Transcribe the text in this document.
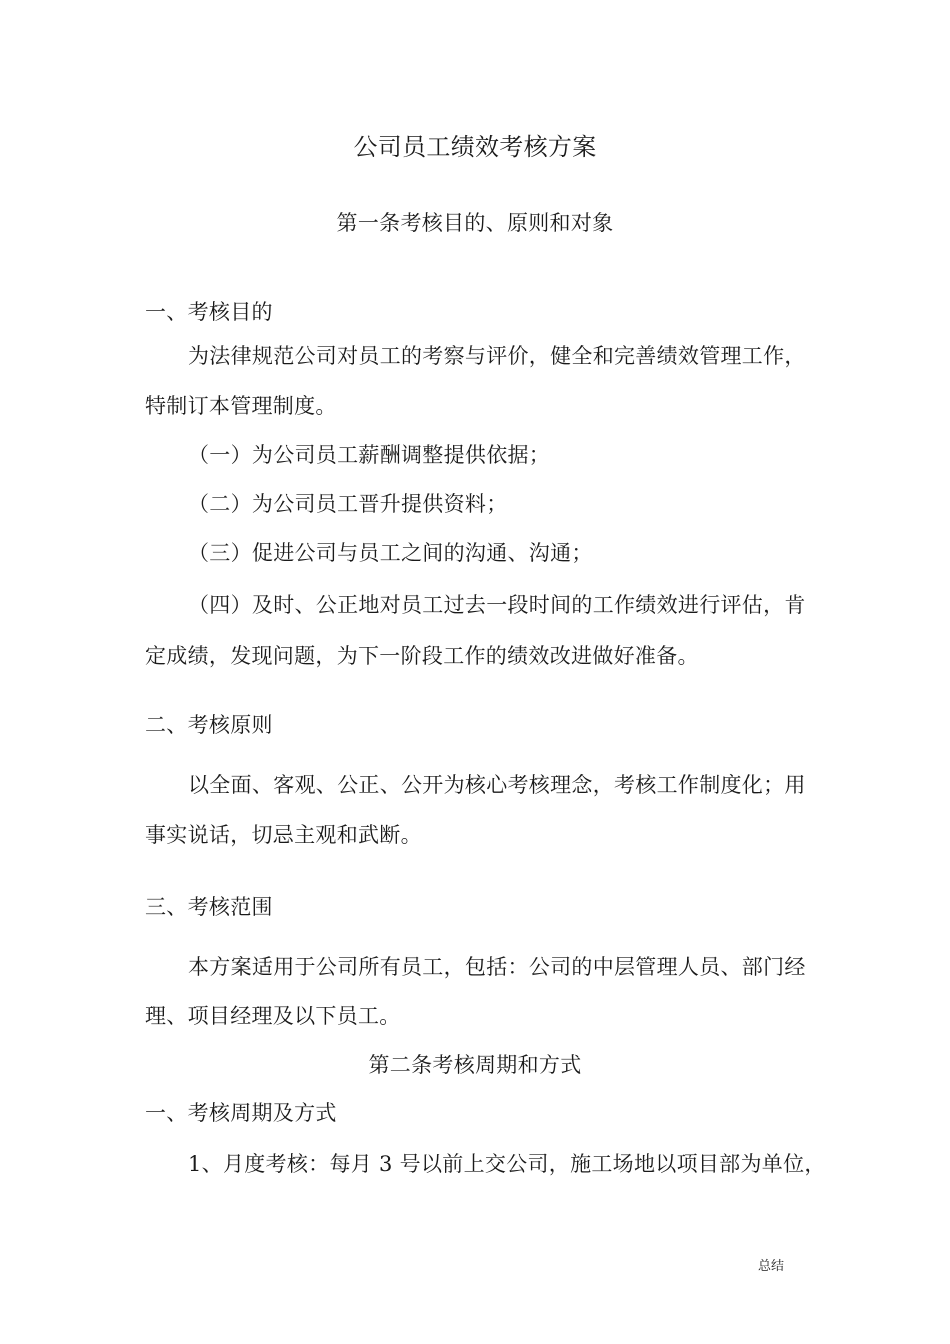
公司员工绩效考核方案
第一条考核目的、原则和对象
一、考核目的
为法律规范公司对员工的考察与评价，健全和完善绩效管理工作，
特制订本管理制度。
（一）为公司员工薪酬调整提供依据；
（二）为公司员工晋升提供资料；
（三）促进公司与员工之间的沟通、沟通；
（四）及时、公正地对员工过去一段时间的工作绩效进行评估，肯
定成绩，发现问题，为下一阶段工作的绩效改进做好准备。
二、考核原则
以全面、客观、公正、公开为核心考核理念，考核工作制度化；用
事实说话，切忌主观和武断。
三、考核范围
本方案适用于公司所有员工，包括：公司的中层管理人员、部门经
理、项目经理及以下员工。
第二条考核周期和方式
一、考核周期及方式
1、月度考核：每月 3 号以前上交公司，施工场地以项目部为单位，
总结
